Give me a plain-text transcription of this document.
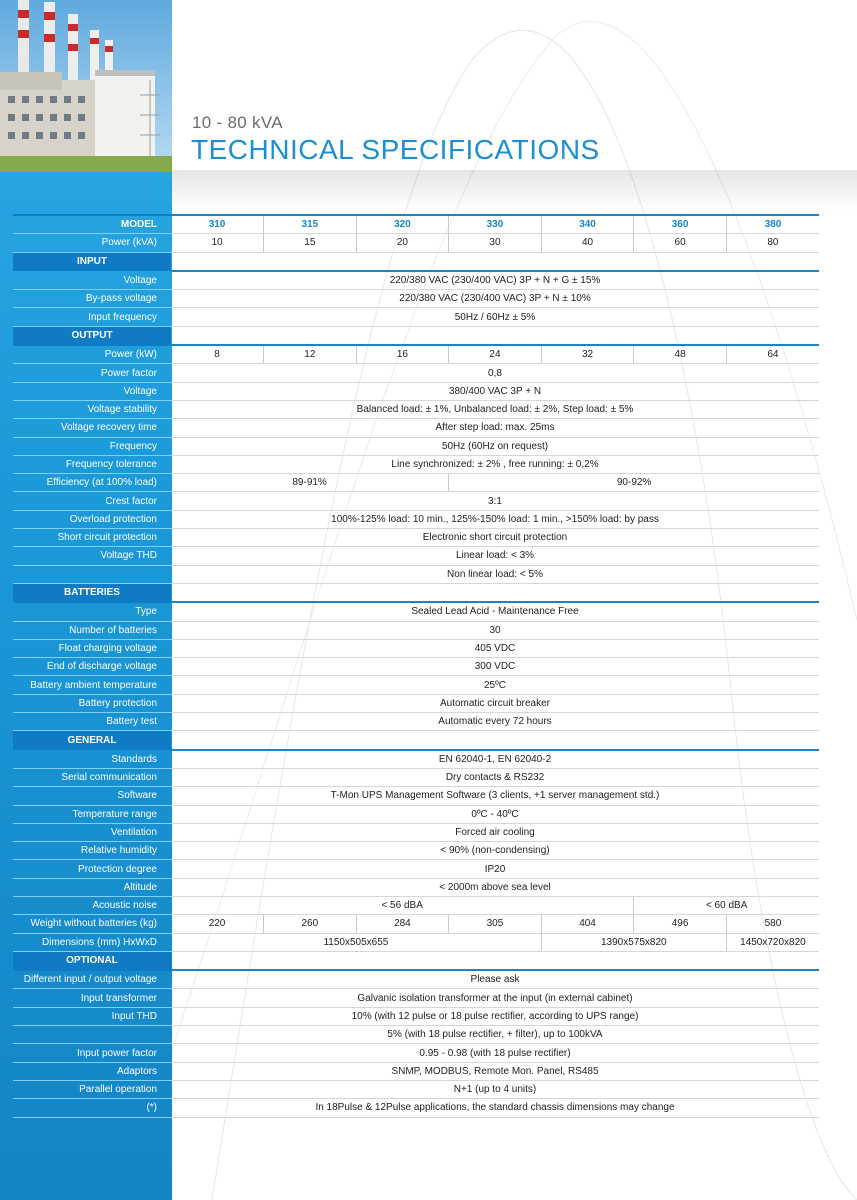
10 - 80 kVA
TECHNICAL SPECIFICATIONS
MODEL	310	315	320	330	340	360	380
Power (kVA)	10	15	20	30	40	60	80
INPUT							
Voltage	220/380 VAC (230/400 VAC) 3P + N + G ± 15%						
By-pass voltage	220/380 VAC (230/400 VAC) 3P + N ± 10%						
Input frequency	50Hz / 60Hz ± 5%						
OUTPUT							
Power (kW)	8	12	16	24	32	48	64
Power factor	0,8						
Voltage	380/400 VAC 3P + N						
Voltage stability	Balanced load: ± 1%, Unbalanced load: ± 2%, Step load: ± 5%						
Voltage recovery time	After step load: max. 25ms						
Frequency	50Hz (60Hz on request)						
Frequency tolerance	Line synchronized: ± 2% , free running: ± 0,2%						
Efficiency (at 100% load)	89-91%			90-92%			
Crest factor	3:1						
Overload protection	100%-125% load: 10 min., 125%-150% load: 1 min., >150% load: by pass						
Short circuit protection	Electronic short circuit protection						
Voltage THD	Linear load: < 3%						
	Non linear load: < 5%						
BATTERIES							
Type	Sealed Lead Acid - Maintenance Free						
Number of batteries	30						
Float charging voltage	405 VDC						
End of discharge voltage	300 VDC						
Battery ambient temperature	25ºC						
Battery protection	Automatic circuit breaker						
Battery test	Automatic every 72 hours						
GENERAL							
Standards	EN 62040-1, EN 62040-2						
Serial communication	Dry contacts & RS232						
Software	T-Mon UPS Management Software (3 clients, +1 server management std.)						
Temperature range	0ºC - 40ºC						
Ventilation	Forced air cooling						
Relative humidity	< 90% (non-condensing)						
Protection degree	IP20						
Altitude	< 2000m above sea level						
Acoustic noise	< 56 dBA					< 60 dBA	
Weight without batteries (kg)	220	260	284	305	404	496	580
Dimensions (mm) HxWxD	1150x505x655				1390x575x820		1450x720x820
OPTIONAL							
Different input / output voltage	Please ask						
Input transformer	Galvanic isolation transformer at the input (in external cabinet)						
Input THD	10% (with 12 pulse or 18 pulse rectifier, according to UPS range)						
	5% (with 18 pulse rectifier, + filter), up to 100kVA						
Input power factor	0.95 - 0.98 (with 18 pulse rectifier)						
Adaptors	SNMP, MODBUS, Remote Mon. Panel, RS485						
Parallel operation	N+1 (up to 4 units)						
(*)	In 18Pulse & 12Pulse applications, the standard chassis dimensions may change						
